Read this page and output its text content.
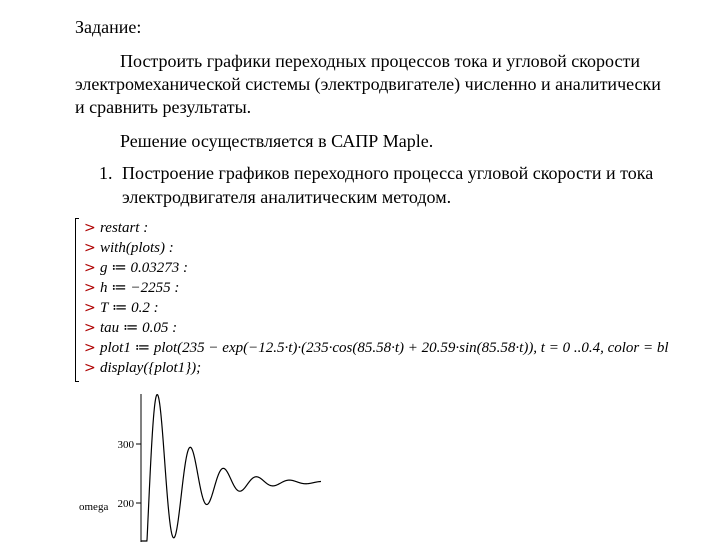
Задание:
Построить графики переходных процессов тока и угловой скорости
электромеханической системы (электродвигателе) численно и аналитически
и сравнить результаты.
Решение осуществляется в САПР Maple.
1. Построение графиков переходного процесса угловой скорости и тока
электродвигателя аналитическим методом.
> restart :
> with(plots) :
> g ≔ 0.03273 :
> h ≔ −2255 :
> T ≔ 0.2 :
> tau ≔ 0.05 :
> plot1 ≔ plot(235 − exp(−12.5·t)·(235·cos(85.58·t) + 20.59·sin(85.58·t)), t = 0 ..0.4, color = bl
> display({plot1});
300
200
omega
